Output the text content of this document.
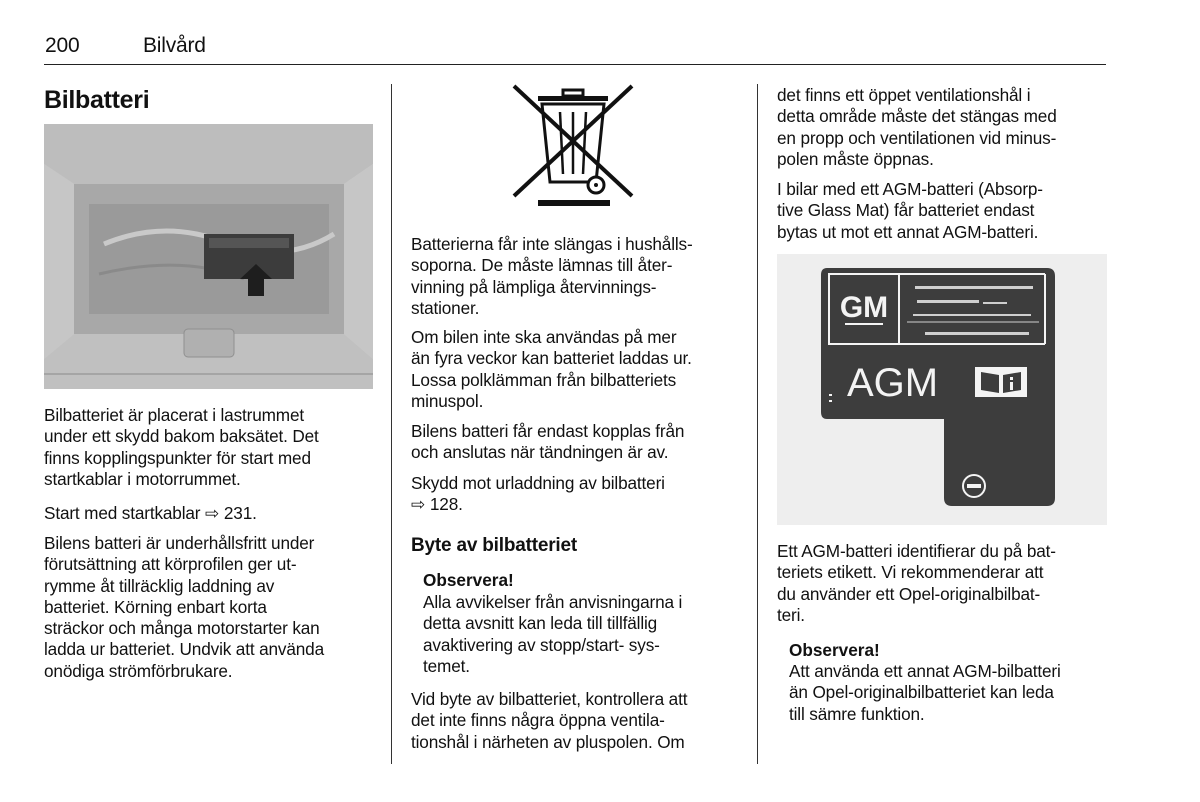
200	Bilvård
Bilbatteri

Bilbatteriet är placerat i lastrummet
under ett skydd bakom baksätet. Det
finns kopplingspunkter för start med
startkablar i motorrummet.

Start med startkablar ⇨ 231.

Bilens batteri är underhållsfritt under
förutsättning att körprofilen ger ut-
rymme åt tillräcklig laddning av
batteriet. Körning enbart korta
sträckor och många motorstarter kan
ladda ur batteriet. Undvik att använda
onödiga strömförbrukare.

Batterierna får inte slängas i hushålls-
soporna. De måste lämnas till åter-
vinning på lämpliga återvinnings-
stationer.

Om bilen inte ska användas på mer
än fyra veckor kan batteriet laddas ur.
Lossa polklämman från bilbatteriets
minuspol.

Bilens batteri får endast kopplas från
och anslutas när tändningen är av.

Skydd mot urladdning av bilbatteri
⇨ 128.

Byte av bilbatteriet
Observera!

Alla avvikelser från anvisningarna i
detta avsnitt kan leda till tillfällig
avaktivering av stopp/start- sys-
temet.

Vid byte av bilbatteriet, kontrollera att
det inte finns några öppna ventila-
tionshål i närheten av pluspolen. Om

det finns ett öppet ventilationshål i
detta område måste det stängas med
en propp och ventilationen vid minus-
polen måste öppnas.

I bilar med ett AGM-batteri (Absorp-
tive Glass Mat) får batteriet endast
bytas ut mot ett annat AGM-batteri.

GM
AGM

Ett AGM-batteri identifierar du på bat-
teriets etikett. Vi rekommenderar att
du använder ett Opel-originalbilbat-
teri.

Observera!

Att använda ett annat AGM-bilbatteri
än Opel-originalbilbatteriet kan leda
till sämre funktion.
